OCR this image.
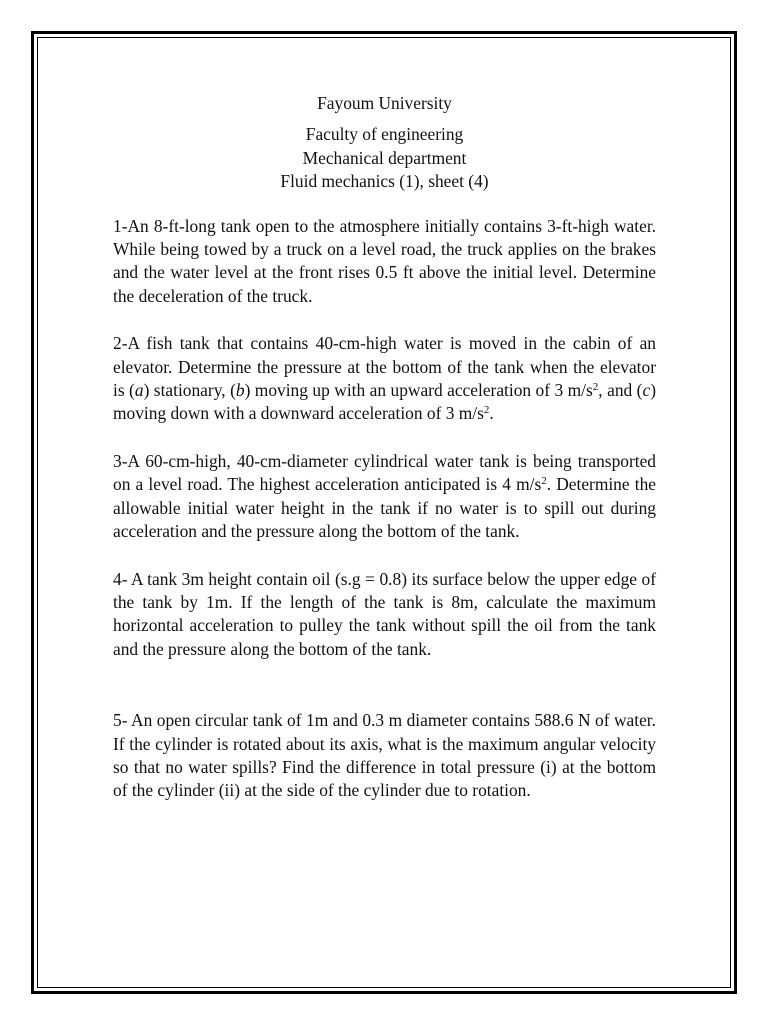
Fayoum University
Faculty of engineering
Mechanical department
Fluid mechanics (1), sheet (4)

1-An 8-ft-long tank open to the atmosphere initially contains 3-ft-high water. While being towed by a truck on a level road, the truck applies on the brakes and the water level at the front rises 0.5 ft above the initial level. Determine the deceleration of the truck.

2-A fish tank that contains 40-cm-high water is moved in the cabin of an elevator. Determine the pressure at the bottom of the tank when the elevator is (a) stationary, (b) moving up with an upward acceleration of 3 $m/s^2$, and (c) moving down with a downward acceleration of 3 $m/s^2$.

3-A 60-cm-high, 40-cm-diameter cylindrical water tank is being transported on a level road. The highest acceleration anticipated is 4 $m/s^2$. Determine the allowable initial water height in the tank if no water is to spill out during acceleration and the pressure along the bottom of the tank.

4- A tank 3m height contain oil (s.g = 0.8) its surface below the upper edge of the tank by 1m. If the length of the tank is 8m, calculate the maximum horizontal acceleration to pulley the tank without spill the oil from the tank and the pressure along the bottom of the tank.

5- An open circular tank of 1m and 0.3 m diameter contains 588.6 N of water. If the cylinder is rotated about its axis, what is the maximum angular velocity so that no water spills? Find the difference in total pressure (i) at the bottom of the cylinder (ii) at the side of the cylinder due to rotation.
